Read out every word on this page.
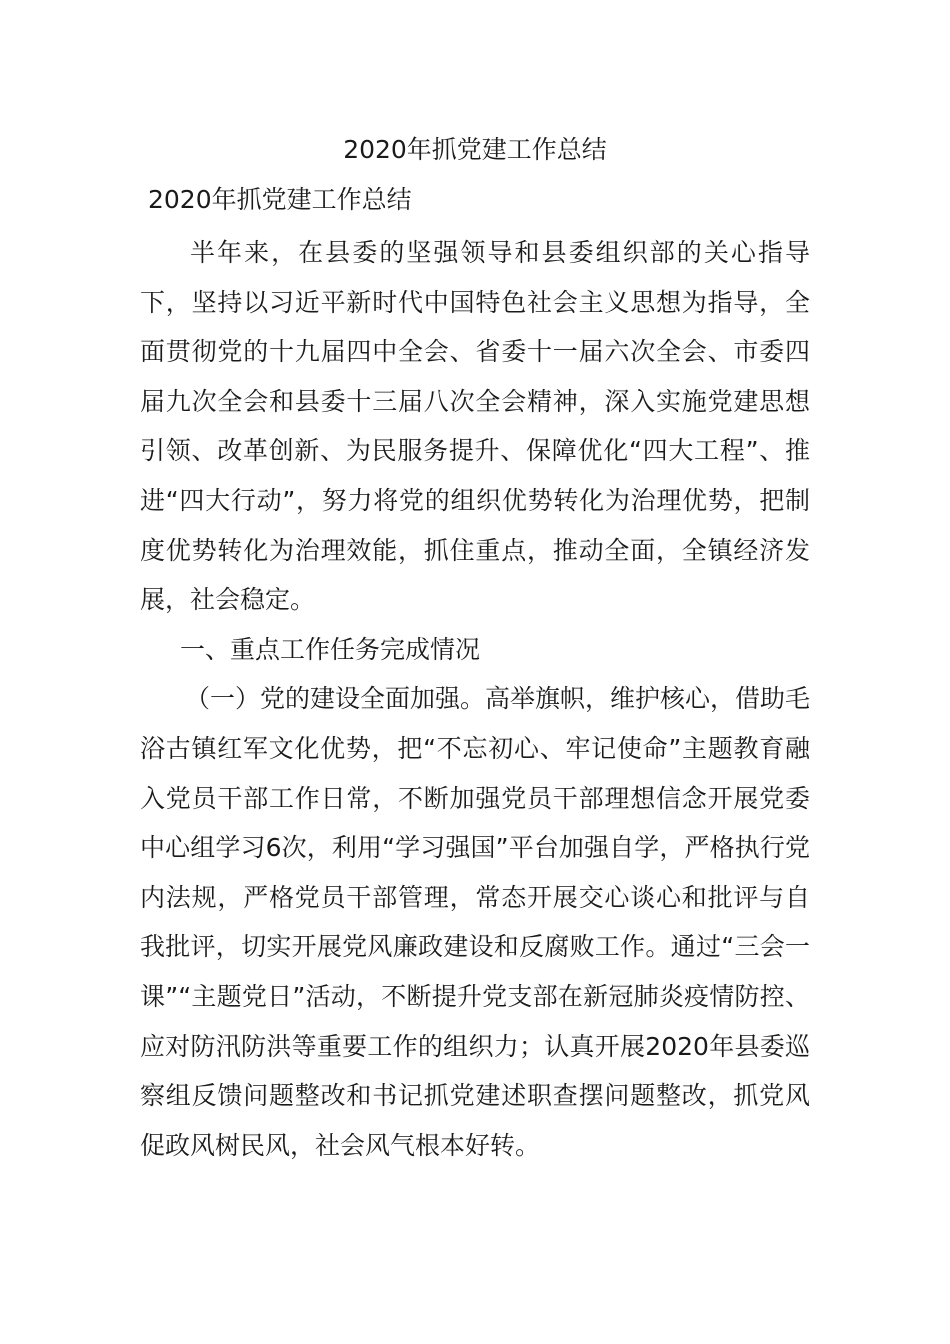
2020年抓党建工作总结
2020年抓党建工作总结

半年来，在县委的坚强领导和县委组织部的关心指导下，坚持以习近平新时代中国特色社会主义思想为指导，全面贯彻党的十九届四中全会、省委十一届六次全会、市委四届九次全会和县委十三届八次全会精神，深入实施党建思想引领、改革创新、为民服务提升、保障优化“四大工程”、推进“四大行动”，努力将党的组织优势转化为治理优势，把制度优势转化为治理效能，抓住重点，推动全面，全镇经济发展，社会稳定。

一、重点工作任务完成情况

（一）党的建设全面加强。高举旗帜，维护核心，借助毛浴古镇红军文化优势，把“不忘初心、牢记使命”主题教育融入党员干部工作日常，不断加强党员干部理想信念开展党委中心组学习6次，利用“学习强国”平台加强自学，严格执行党内法规，严格党员干部管理，常态开展交心谈心和批评与自我批评，切实开展党风廉政建设和反腐败工作。通过“三会一课”“主题党日”活动，不断提升党支部在新冠肺炎疫情防控、应对防汛防洪等重要工作的组织力；认真开展2020年县委巡察组反馈问题整改和书记抓党建述职查摆问题整改，抓党风促政风树民风，社会风气根本好转。
